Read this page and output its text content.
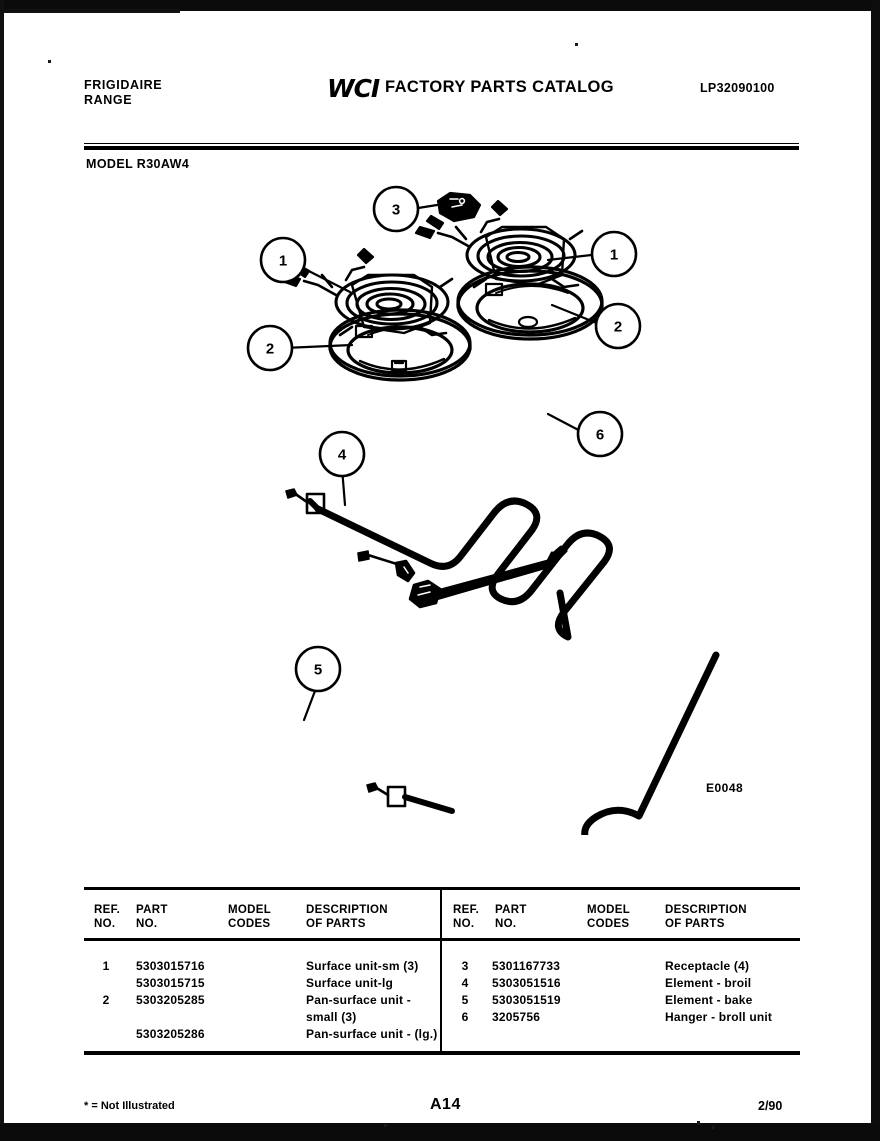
FRIGIDAIRE
RANGE	WCI FACTORY PARTS CATALOG	LP32090100
MODEL R30AW4
1	1
2
2
3
4
5
6
E0048
REF.
NO.
PART
NO.
MODEL
CODES
DESCRIPTION
OF PARTS
REF.
NO.
PART
NO.
MODEL
CODES
DESCRIPTION
OF PARTS
1	5303015716	Surface unit-sm (3)
5303015715	Surface unit-lg
2	5303205285	Pan-surface unit -
small (3)
5303205286	Pan-surface unit - (lg.)
3	5301167733	Receptacle (4)
4	5303051516	Element - broil
5	5303051519	Element - bake
6	3205756	Hanger - broll unit
* = Not Illustrated	A14	2/90
